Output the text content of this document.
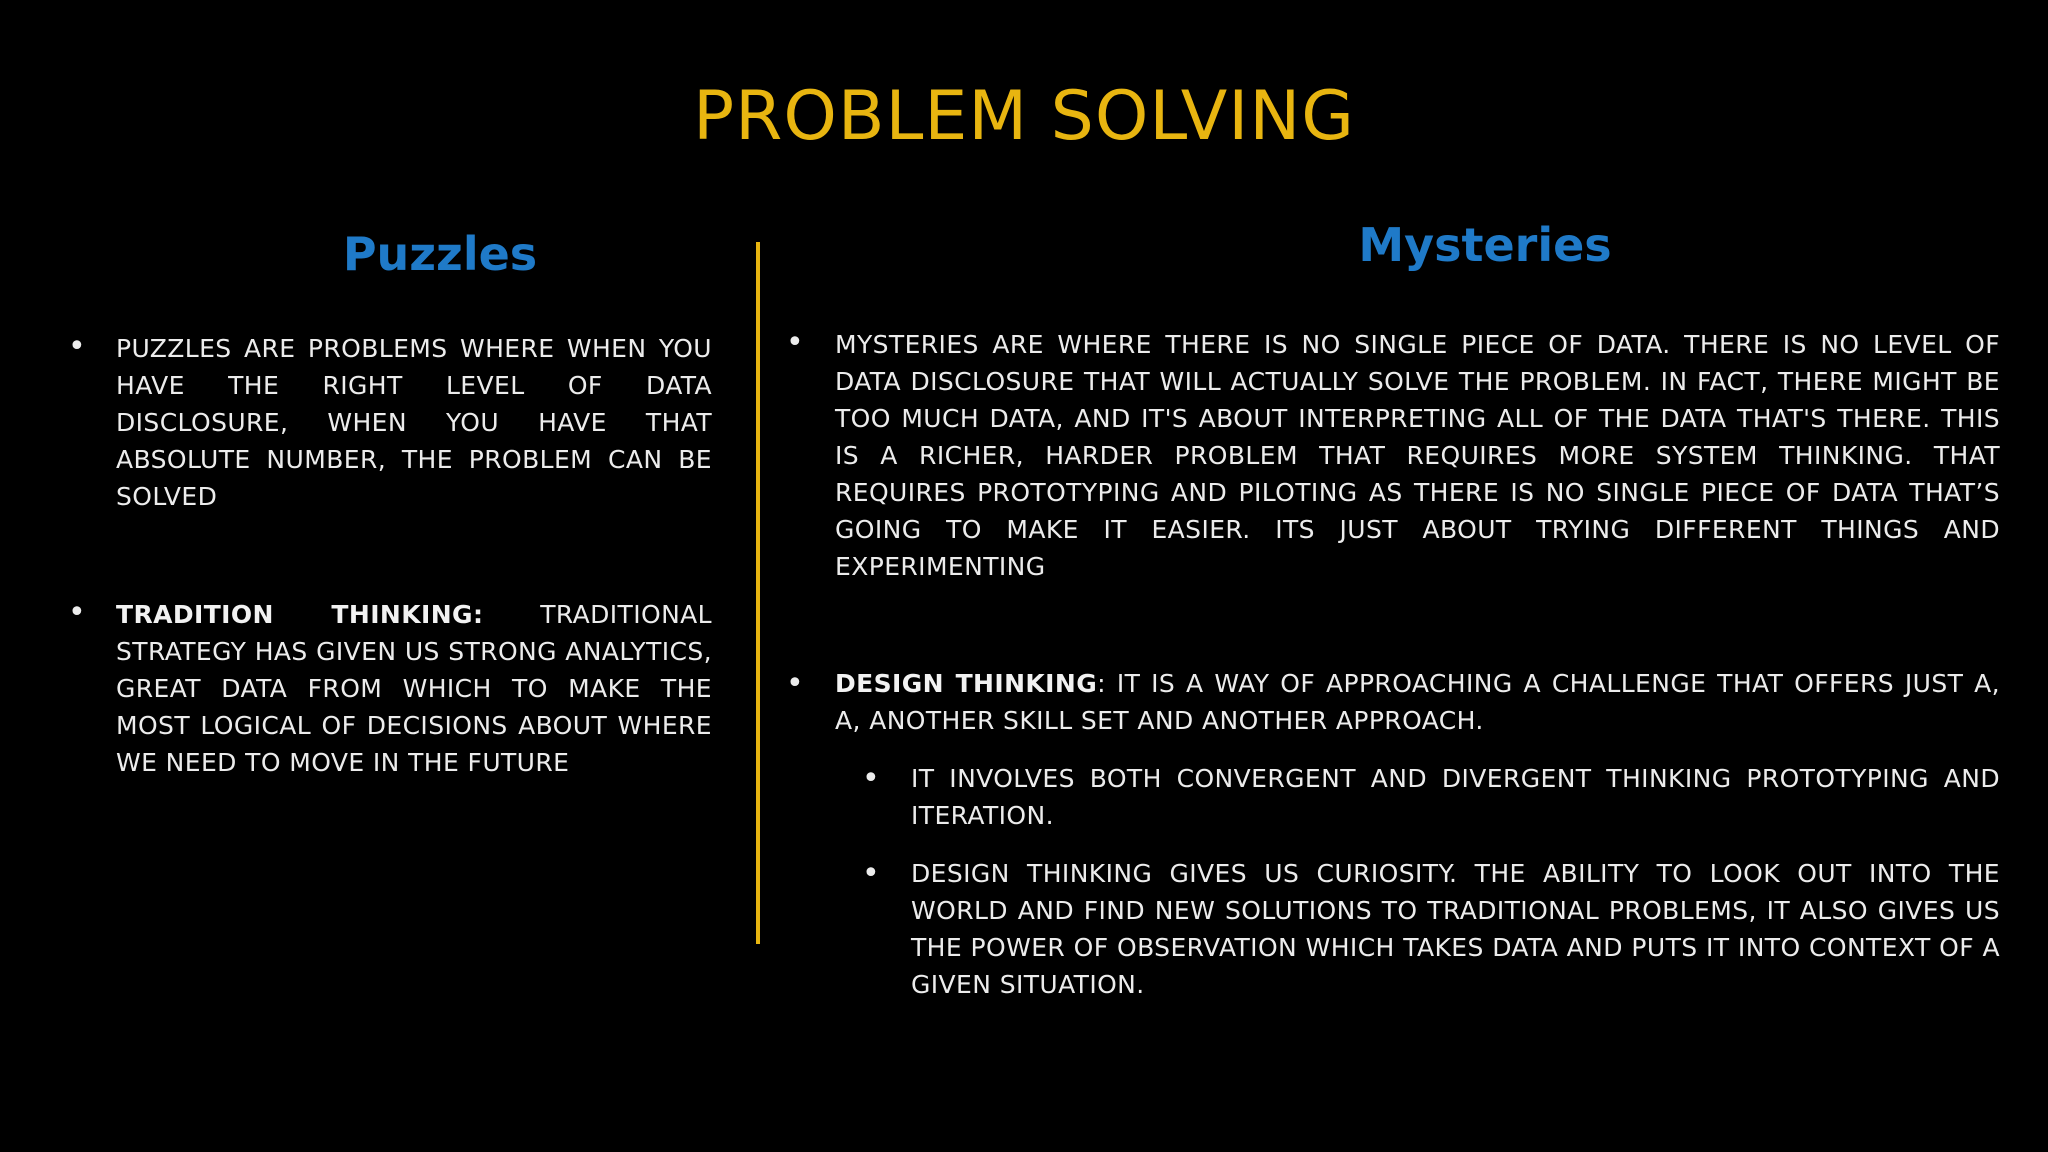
PROBLEM SOLVING
Puzzles	Mysteries
• PUZZLES ARE PROBLEMS WHERE WHEN YOU HAVE THE RIGHT LEVEL OF DATA DISCLOSURE, WHEN YOU HAVE THAT ABSOLUTE NUMBER, THE PROBLEM CAN BE SOLVED

• TRADITION THINKING: TRADITIONAL STRATEGY HAS GIVEN US STRONG ANALYTICS, GREAT DATA FROM WHICH TO MAKE THE MOST LOGICAL OF DECISIONS ABOUT WHERE WE NEED TO MOVE IN THE FUTURE

• MYSTERIES ARE WHERE THERE IS NO SINGLE PIECE OF DATA. THERE IS NO LEVEL OF DATA DISCLOSURE THAT WILL ACTUALLY SOLVE THE PROBLEM. IN FACT, THERE MIGHT BE TOO MUCH DATA, AND IT'S ABOUT INTERPRETING ALL OF THE DATA THAT'S THERE. THIS IS A RICHER, HARDER PROBLEM THAT REQUIRES MORE SYSTEM THINKING. THAT REQUIRES PROTOTYPING AND PILOTING AS THERE IS NO SINGLE PIECE OF DATA THAT’S GOING TO MAKE IT EASIER. ITS JUST ABOUT TRYING DIFFERENT THINGS AND EXPERIMENTING

• DESIGN THINKING: IT IS A WAY OF APPROACHING A CHALLENGE THAT OFFERS JUST A, A, ANOTHER SKILL SET AND ANOTHER APPROACH.

• IT INVOLVES BOTH CONVERGENT AND DIVERGENT THINKING PROTOTYPING AND ITERATION.

• DESIGN THINKING GIVES US CURIOSITY. THE ABILITY TO LOOK OUT INTO THE WORLD AND FIND NEW SOLUTIONS TO TRADITIONAL PROBLEMS, IT ALSO GIVES US THE POWER OF OBSERVATION WHICH TAKES DATA AND PUTS IT INTO CONTEXT OF A GIVEN SITUATION.
